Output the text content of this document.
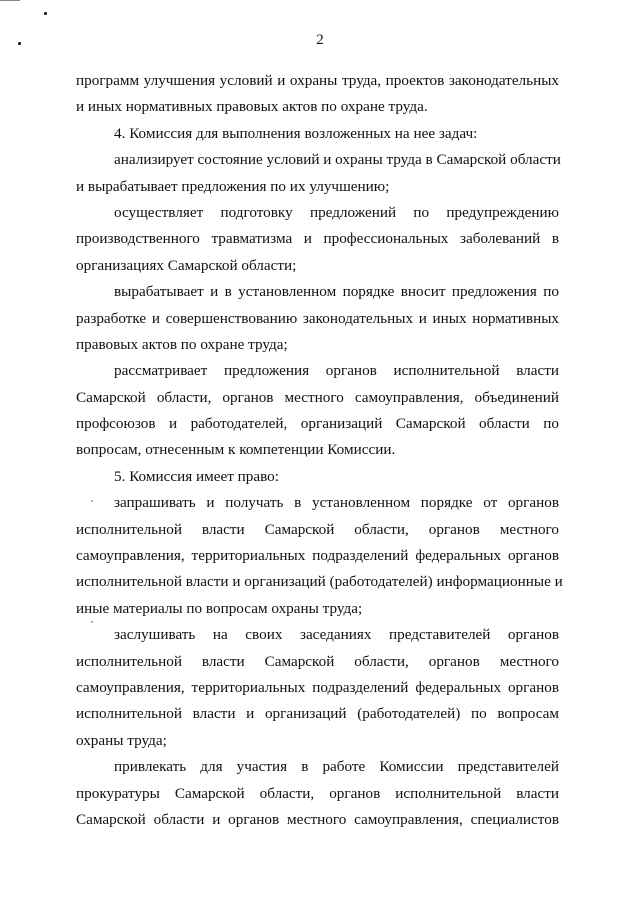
2
программ улучшения условий и охраны труда, проектов законодательных
и иных нормативных правовых актов по охране труда.
4. Комиссия для выполнения возложенных на нее задач:
анализирует состояние условий и охраны труда в Самарской области
и вырабатывает предложения по их улучшению;
осуществляет подготовку предложений по предупреждению
производственного травматизма и профессиональных заболеваний в
организациях Самарской области;
вырабатывает и в установленном порядке вносит предложения по
разработке и совершенствованию законодательных и иных нормативных
правовых актов по охране труда;
рассматривает предложения органов исполнительной власти
Самарской области, органов местного самоуправления, объединений
профсоюзов и работодателей, организаций Самарской области по
вопросам, отнесенным к компетенции Комиссии.
5. Комиссия имеет право:
запрашивать и получать в установленном порядке от органов
исполнительной власти Самарской области, органов местного
самоуправления, территориальных подразделений федеральных органов
исполнительной власти и организаций (работодателей) информационные и
иные материалы по вопросам охраны труда;
заслушивать на своих заседаниях представителей органов
исполнительной власти Самарской области, органов местного
самоуправления, территориальных подразделений федеральных органов
исполнительной власти и организаций (работодателей) по вопросам
охраны труда;
привлекать для участия в работе Комиссии представителей
прокуратуры Самарской области, органов исполнительной власти
Самарской области и органов местного самоуправления, специалистов
